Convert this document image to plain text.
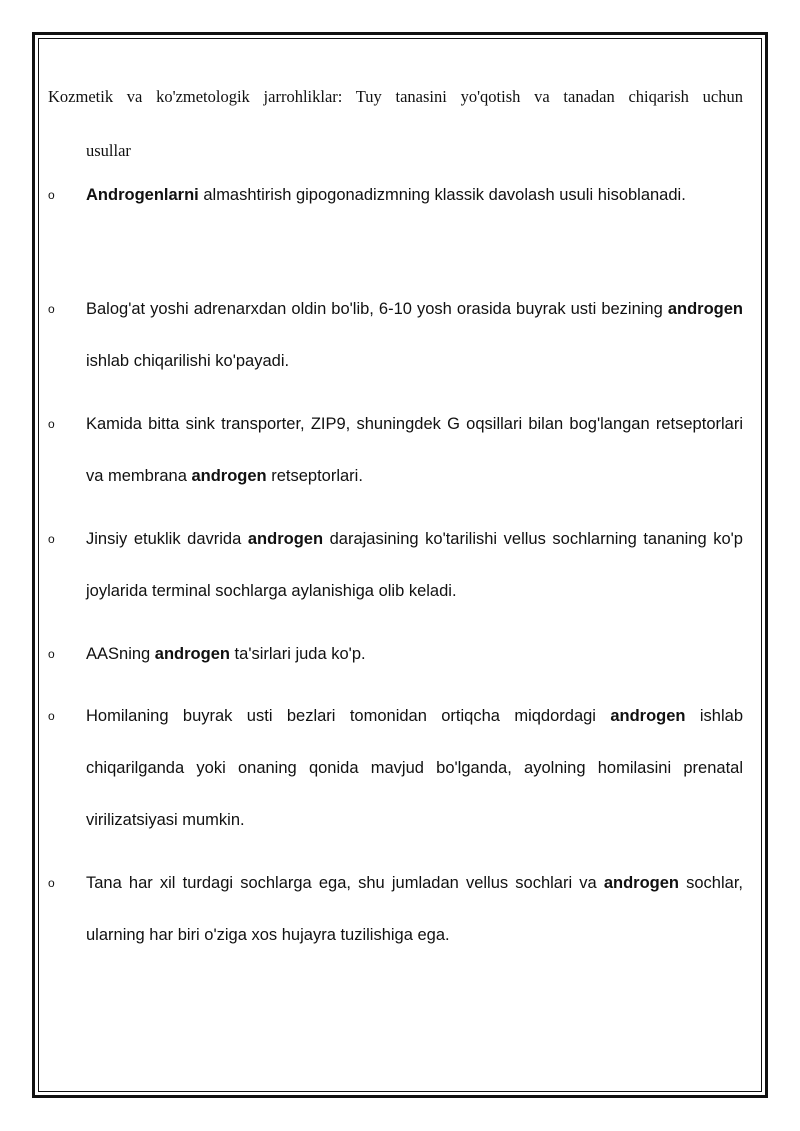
Kozmetik va ko'zmetologik jarrohliklar: Tuy tanasini yo'qotish va tanadan chiqarish uchun
usullar
o	Androgenlarni almashtirish gipogonadizmning klassik davolash usuli hisoblanadi.
o	Balog'at yoshi adrenarxdan oldin bo'lib, 6-10 yosh orasida buyrak usti bezining androgen ishlab chiqarilishi ko'payadi.
o	Kamida bitta sink transporter, ZIP9, shuningdek G oqsillari bilan bog'langan retseptorlari va membrana androgen retseptorlari.
o	Jinsiy etuklik davrida androgen darajasining ko'tarilishi vellus sochlarning tananing ko'p joylarida terminal sochlarga aylanishiga olib keladi.
o	AASning androgen ta'sirlari juda ko'p.
o	Homilaning buyrak usti bezlari tomonidan ortiqcha miqdordagi androgen ishlab chiqarilganda yoki onaning qonida mavjud bo'lganda, ayolning homilasini prenatal virilizatsiyasi mumkin.
o	Tana har xil turdagi sochlarga ega, shu jumladan vellus sochlari va androgen sochlar, ularning har biri o'ziga xos hujayra tuzilishiga ega.
